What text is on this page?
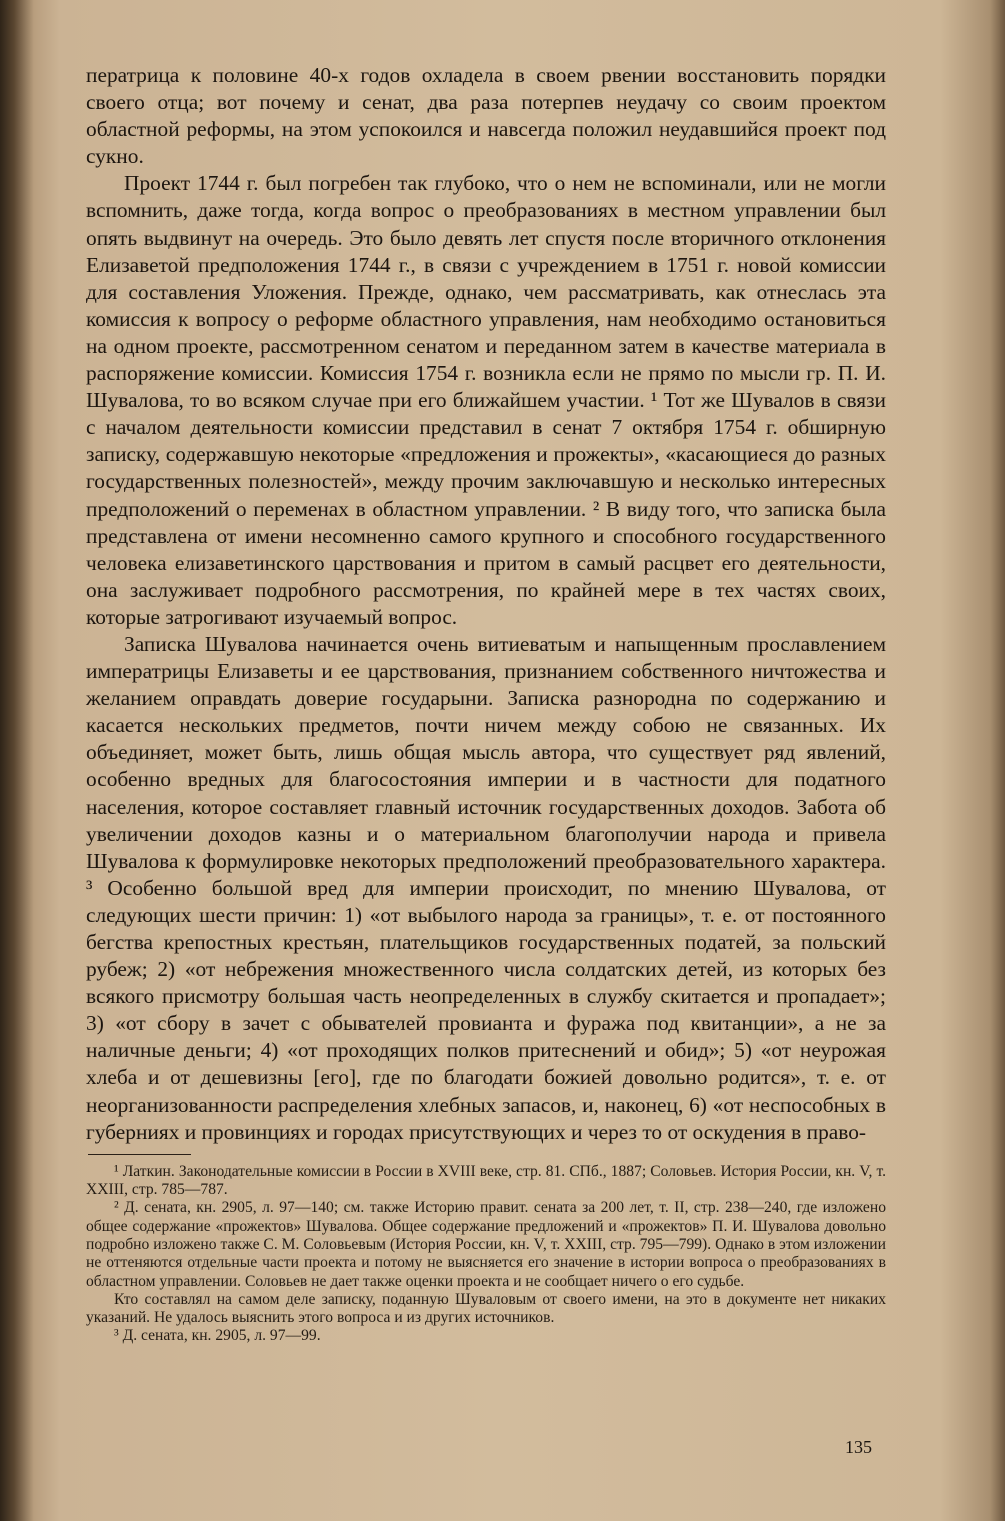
ператрица к половине 40-х годов охладела в своем рвении восстановить порядки своего отца; вот почему и сенат, два раза потерпев неудачу со своим проектом областной реформы, на этом успокоился и навсегда положил неудавшийся проект под сукно.

Проект 1744 г. был погребен так глубоко, что о нем не вспоминали, или не могли вспомнить, даже тогда, когда вопрос о преобразованиях в местном управлении был опять выдвинут на очередь. Это было девять лет спустя после вторичного отклонения Елизаветой предположения 1744 г., в связи с учреждением в 1751 г. новой комиссии для составления Уложения. Прежде, однако, чем рассматривать, как отнеслась эта комиссия к вопросу о реформе областного управления, нам необходимо остановиться на одном проекте, рассмотренном сенатом и переданном затем в качестве материала в распоряжение комиссии. Комиссия 1754 г. возникла если не прямо по мысли гр. П. И. Шувалова, то во всяком случае при его ближайшем участии. ¹ Тот же Шувалов в связи с началом деятельности комиссии представил в сенат 7 октября 1754 г. обширную записку, содержавшую некоторые «предложения и прожекты», «касающиеся до разных государственных полезностей», между прочим заключавшую и несколько интересных предположений о переменах в областном управлении. ² В виду того, что записка была представлена от имени несомненно самого крупного и способного государственного человека елизаветинского царствования и притом в самый расцвет его деятельности, она заслуживает подробного рассмотрения, по крайней мере в тех частях своих, которые затрогивают изучаемый вопрос.

Записка Шувалова начинается очень витиеватым и напыщенным прославлением императрицы Елизаветы и ее царствования, признанием собственного ничтожества и желанием оправдать доверие государыни. Записка разнородна по содержанию и касается нескольких предметов, почти ничем между собою не связанных. Их объединяет, может быть, лишь общая мысль автора, что существует ряд явлений, особенно вредных для благосостояния империи и в частности для податного населения, которое составляет главный источник государственных доходов. Забота об увеличении доходов казны и о материальном благополучии народа и привела Шувалова к формулировке некоторых предположений преобразовательного характера. ³ Особенно большой вред для империи происходит, по мнению Шувалова, от следующих шести причин: 1) «от выбылого народа за границы», т. е. от постоянного бегства крепостных крестьян, плательщиков государственных податей, за польский рубеж; 2) «от небрежения множественного числа солдатских детей, из которых без всякого присмотру большая часть неопределенных в службу скитается и пропадает»; 3) «от сбору в зачет с обывателей провианта и фуража под квитанции», а не за наличные деньги; 4) «от проходящих полков притеснений и обид»; 5) «от неурожая хлеба и от дешевизны [его], где по благодати божией довольно родится», т. е. от неорганизованности распределения хлебных запасов, и, наконец, 6) «от неспособных в губерниях и провинциях и городах присутствующих и через то от оскудения в право-

¹ Латкин. Законодательные комиссии в России в XVIII веке, стр. 81. СПб., 1887; Соловьев. История России, кн. V, т. XXIII, стр. 785—787.

² Д. сената, кн. 2905, л. 97—140; см. также Историю правит. сената за 200 лет, т. II, стр. 238—240, где изложено общее содержание «прожектов» Шувалова. Общее содержание предложений и «прожектов» П. И. Шувалова довольно подробно изложено также С. М. Соловьевым (История России, кн. V, т. XXIII, стр. 795—799). Однако в этом изложении не оттеняются отдельные части проекта и потому не выясняется его значение в истории вопроса о преобразованиях в областном управлении. Соловьев не дает также оценки проекта и не сообщает ничего о его судьбе.

Кто составлял на самом деле записку, поданную Шуваловым от своего имени, на это в документе нет никаких указаний. Не удалось выяснить этого вопроса и из других источников.

³ Д. сената, кн. 2905, л. 97—99.

135
